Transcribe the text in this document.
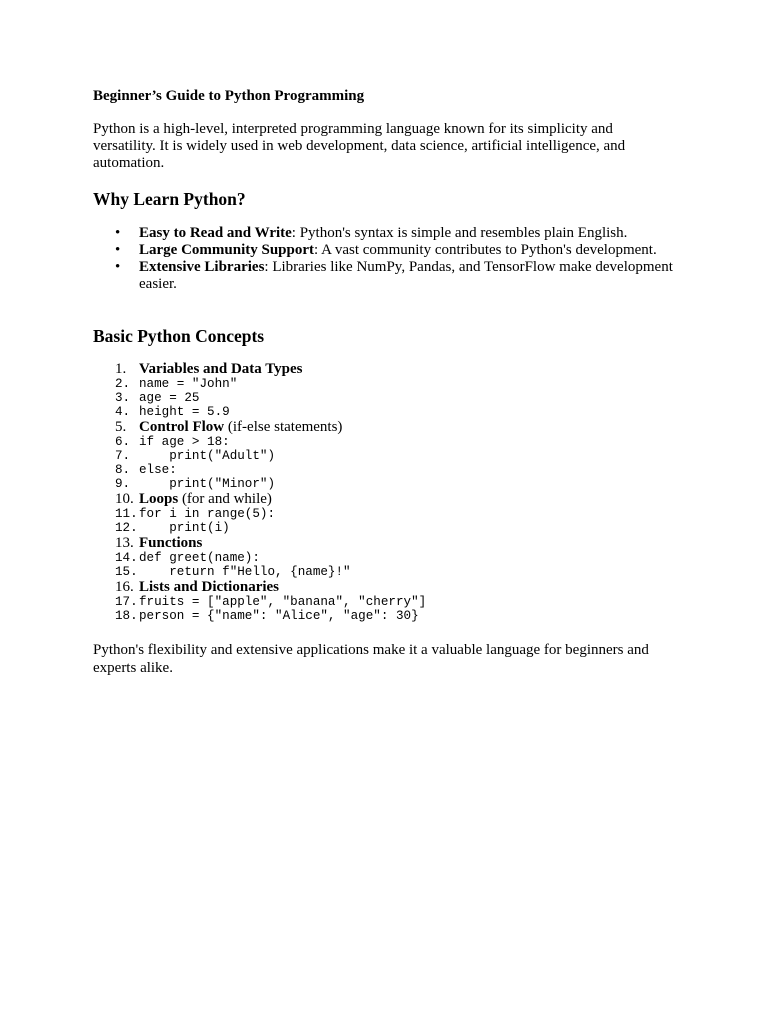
Beginner’s Guide to Python Programming
Python is a high-level, interpreted programming language known for its simplicity and versatility. It is widely used in web development, data science, artificial intelligence, and automation.
Why Learn Python?
• Easy to Read and Write: Python's syntax is simple and resembles plain English.
• Large Community Support: A vast community contributes to Python's development.
• Extensive Libraries: Libraries like NumPy, Pandas, and TensorFlow make development easier.
Basic Python Concepts
1. Variables and Data Types
2. name = "John"
3. age = 25
4. height = 5.9
5. Control Flow (if-else statements)
6. if age > 18:
7.    print("Adult")
8. else:
9.    print("Minor")
10. Loops (for and while)
11.for i in range(5):
12.    print(i)
13. Functions
14.def greet(name):
15.    return f"Hello, {name}!"
16. Lists and Dictionaries
17.fruits = ["apple", "banana", "cherry"]
18.person = {"name": "Alice", "age": 30}
Python's flexibility and extensive applications make it a valuable language for beginners and experts alike.
